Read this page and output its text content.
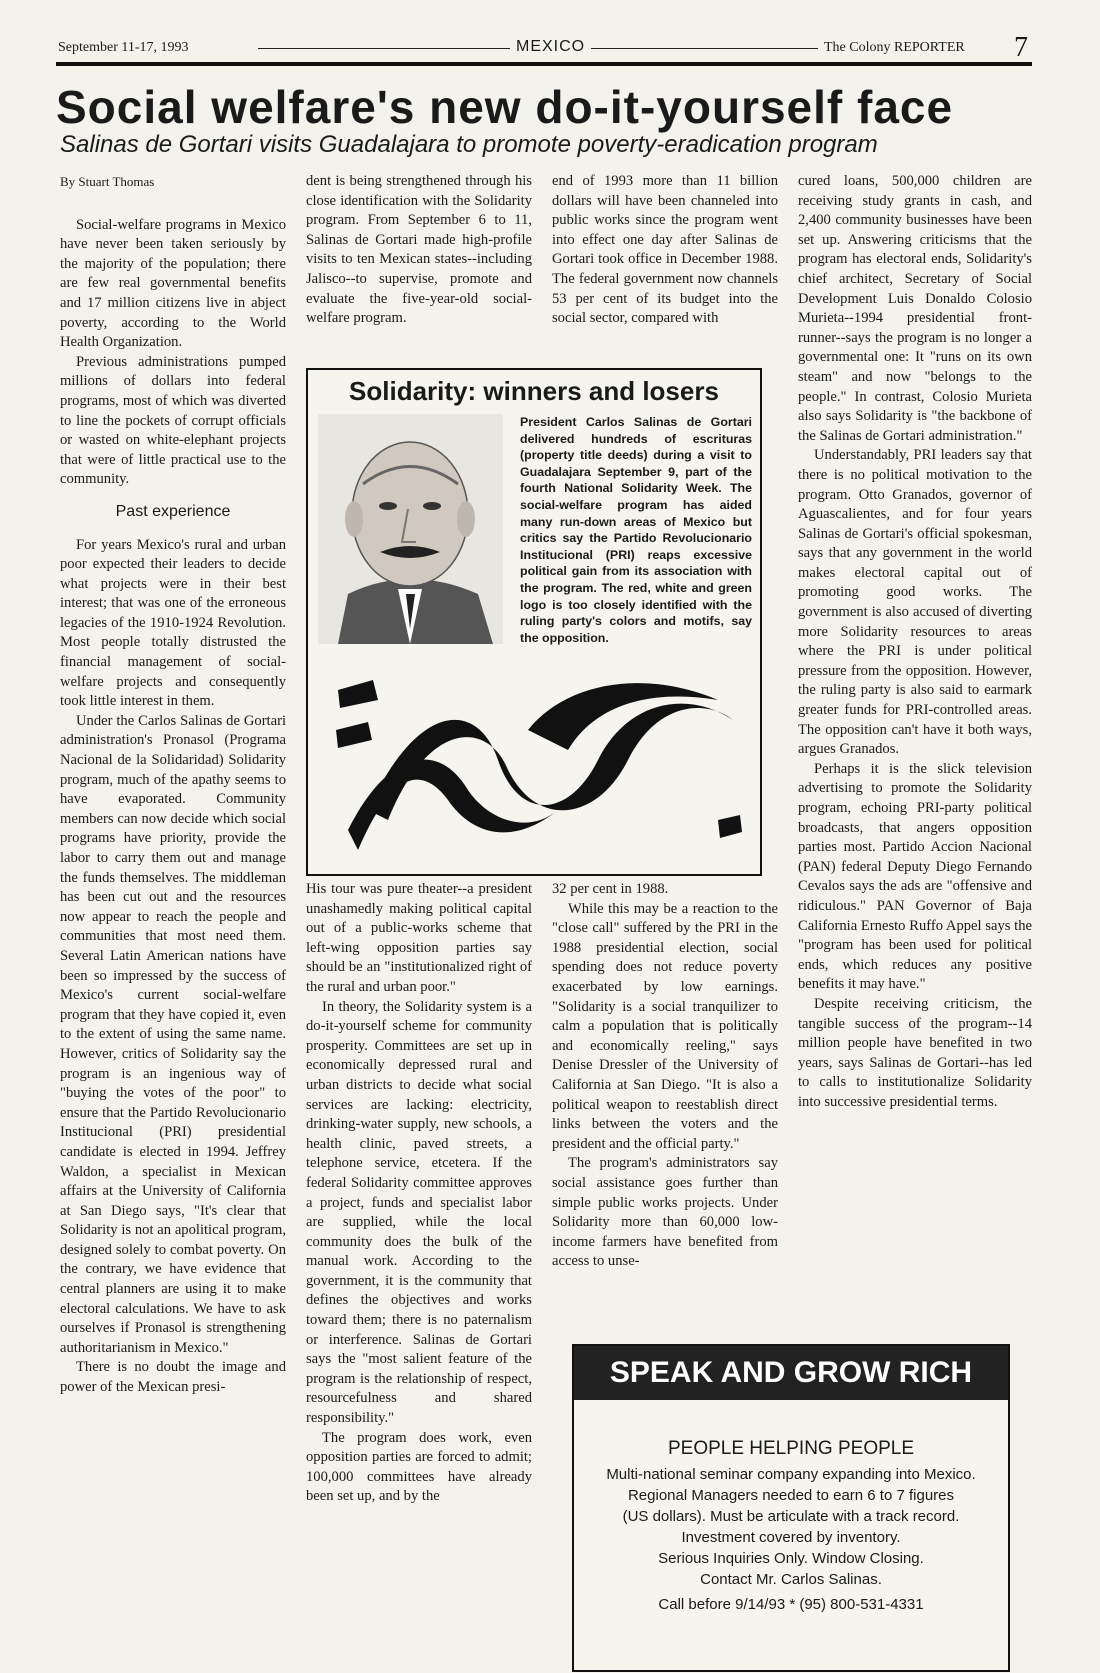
September 11-17, 1993	MEXICO	The Colony REPORTER 7
Social welfare's new do-it-yourself face
Salinas de Gortari visits Guadalajara to promote poverty-eradication program

By Stuart Thomas

Social-welfare programs in Mexico have never been taken seriously by the majority of the population; there are few real governmental benefits and 17 million citizens live in abject poverty, according to the World Health Organization.

Previous administrations pumped millions of dollars into federal programs, most of which was diverted to line the pockets of corrupt officials or wasted on white-elephant projects that were of little practical use to the community.

Past experience

For years Mexico's rural and urban poor expected their leaders to decide what projects were in their best interest; that was one of the erroneous legacies of the 1910-1924 Revolution. Most people totally distrusted the financial management of social-welfare projects and consequently took little interest in them.

Under the Carlos Salinas de Gortari administration's Pronasol (Programa Nacional de la Solidaridad) Solidarity program, much of the apathy seems to have evaporated. Community members can now decide which social programs have priority, provide the labor to carry them out and manage the funds themselves. The middleman has been cut out and the resources now appear to reach the people and communities that most need them. Several Latin American nations have been so impressed by the success of Mexico's current social-welfare program that they have copied it, even to the extent of using the same name. However, critics of Solidarity say the program is an ingenious way of "buying the votes of the poor" to ensure that the Partido Revolucionario Institucional (PRI) presidential candidate is elected in 1994. Jeffrey Waldon, a specialist in Mexican affairs at the University of California at San Diego says, "It's clear that Solidarity is not an apolitical program, designed solely to combat poverty. On the contrary, we have evidence that central planners are using it to make electoral calculations. We have to ask ourselves if Pronasol is strengthening authoritarianism in Mexico."

There is no doubt the image and power of the Mexican presi-

dent is being strengthened through his close identification with the Solidarity program. From September 6 to 11, Salinas de Gortari made high-profile visits to ten Mexican states--including Jalisco--to supervise, promote and evaluate the five-year-old social-welfare program.

end of 1993 more than 11 billion dollars will have been channeled into public works since the program went into effect one day after Salinas de Gortari took office in December 1988. The federal government now channels 53 per cent of its budget into the social sector, compared with

Solidarity: winners and losers
President Carlos Salinas de Gortari delivered hundreds of escrituras (property title deeds) during a visit to Guadalajara September 9, part of the fourth National Solidarity Week. The social-welfare program has aided many run-down areas of Mexico but critics say the Partido Revolucionario Institucional (PRI) reaps excessive political gain from its association with the program. The red, white and green logo is too closely identified with the ruling party's colors and motifs, say the opposition.

His tour was pure theater--a president unashamedly making political capital out of a public-works scheme that left-wing opposition parties say should be an "institutionalized right of the rural and urban poor."

In theory, the Solidarity system is a do-it-yourself scheme for community prosperity. Committees are set up in economically depressed rural and urban districts to decide what social services are lacking: electricity, drinking-water supply, new schools, a health clinic, paved streets, a telephone service, etcetera. If the federal Solidarity committee approves a project, funds and specialist labor are supplied, while the local community does the bulk of the manual work. According to the government, it is the community that defines the objectives and works toward them; there is no paternalism or interference. Salinas de Gortari says the "most salient feature of the program is the relationship of respect, resourcefulness and shared responsibility."

The program does work, even opposition parties are forced to admit; 100,000 committees have already been set up, and by the

32 per cent in 1988.

While this may be a reaction to the "close call" suffered by the PRI in the 1988 presidential election, social spending does not reduce poverty exacerbated by low earnings. "Solidarity is a social tranquilizer to calm a population that is politically and economically reeling," says Denise Dressler of the University of California at San Diego. "It is also a political weapon to reestablish direct links between the voters and the president and the official party."

The program's administrators say social assistance goes further than simple public works projects. Under Solidarity more than 60,000 low-income farmers have benefited from access to unse-

cured loans, 500,000 children are receiving study grants in cash, and 2,400 community businesses have been set up. Answering criticisms that the program has electoral ends, Solidarity's chief architect, Secretary of Social Development Luis Donaldo Colosio Murieta--1994 presidential front-runner--says the program is no longer a governmental one: It "runs on its own steam" and now "belongs to the people." In contrast, Colosio Murieta also says Solidarity is "the backbone of the Salinas de Gortari administration."

Understandably, PRI leaders say that there is no political motivation to the program. Otto Granados, governor of Aguascalientes, and for four years Salinas de Gortari's official spokesman, says that any government in the world makes electoral capital out of promoting good works. The government is also accused of diverting more Solidarity resources to areas where the PRI is under political pressure from the opposition. However, the ruling party is also said to earmark greater funds for PRI-controlled areas. The opposition can't have it both ways, argues Granados.

Perhaps it is the slick television advertising to promote the Solidarity program, echoing PRI-party political broadcasts, that angers opposition parties most. Partido Accion Nacional (PAN) federal Deputy Diego Fernando Cevalos says the ads are "offensive and ridiculous." PAN Governor of Baja California Ernesto Ruffo Appel says the "program has been used for political ends, which reduces any positive benefits it may have."

Despite receiving criticism, the tangible success of the program--14 million people have benefited in two years, says Salinas de Gortari--has led to calls to institutionalize Solidarity into successive presidential terms.

SPEAK AND GROW RICH
PEOPLE HELPING PEOPLE
Multi-national seminar company expanding into Mexico.
Regional Managers needed to earn 6 to 7 figures
(US dollars). Must be articulate with a track record.
Investment covered by inventory.
Serious Inquiries Only. Window Closing.
Contact Mr. Carlos Salinas.
Call before 9/14/93 * (95) 800-531-4331
